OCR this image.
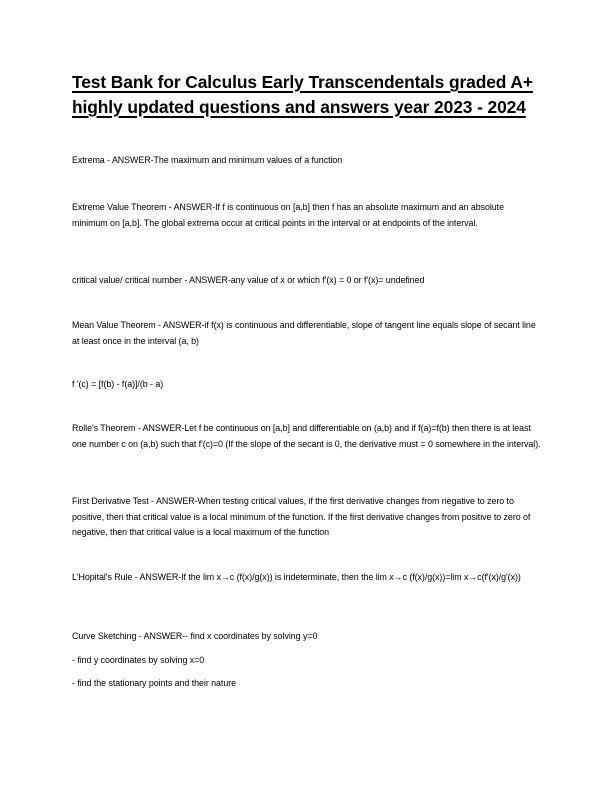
Test Bank for Calculus Early Transcendentals graded A+ highly updated questions and answers year 2023 - 2024

Extrema - ANSWER-The maximum and minimum values of a function

Extreme Value Theorem - ANSWER-If f is continuous on [a,b] then f has an absolute maximum and an absolute minimum on [a,b]. The global extrema occur at critical points in the interval or at endpoints of the interval.

critical value/ critical number - ANSWER-any value of x or which f'(x) = 0 or f'(x)= undefined

Mean Value Theorem - ANSWER-if f(x) is continuous and differentiable, slope of tangent line equals slope of secant line at least once in the interval (a, b)

f '(c) = [f(b) - f(a)]/(b - a)

Rolle's Theorem - ANSWER-Let f be continuous on [a,b] and differentiable on (a,b) and if f(a)=f(b) then there is at least one number c on (a,b) such that f'(c)=0 (If the slope of the secant is 0, the derivative must = 0 somewhere in the interval).

First Derivative Test - ANSWER-When testing critical values, if the first derivative changes from negative to zero to positive, then that critical value is a local minimum of the function. If the first derivative changes from positive to zero of negative, then that critical value is a local maximum of the function

L'Hopital's Rule - ANSWER-If the lim x→c (f(x)/g(x)) is indeterminate, then the lim x→c (f(x)/g(x))=lim x→c(f'(x)/g'(x))

Curve Sketching - ANSWER-- find x coordinates by solving y=0

- find y coordinates by solving x=0

- find the stationary points and their nature
